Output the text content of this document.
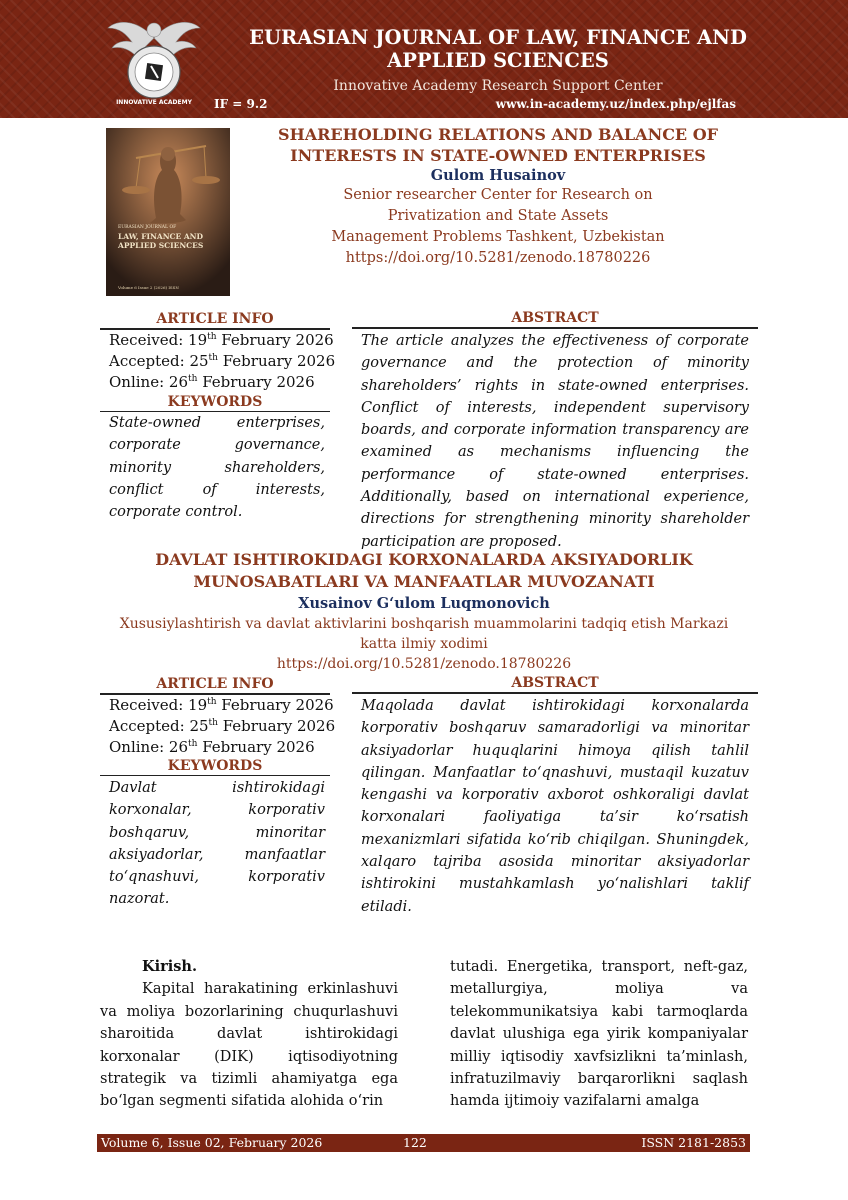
INNOVATIVE ACADEMY
EURASIAN JOURNAL OF LAW, FINANCE AND APPLIED SCIENCES
Innovative Academy Research Support Center
IF = 9.2	www.in-academy.uz/index.php/ejlfas
EURASIAN JOURNAL OF
LAW, FINANCE AND APPLIED SCIENCES
Volume 6 Issue 2 (2026) ISSN
SHAREHOLDING RELATIONS AND BALANCE OF INTERESTS IN STATE-OWNED ENTERPRISES
Gulom Husainov
Senior researcher Center for Research on
Privatization and State Assets
Management Problems Tashkent, Uzbekistan
https://doi.org/10.5281/zenodo.18780226
ARTICLE INFO	ABSTRACT
Received: 19th February 2026
Accepted: 25th February 2026
Online: 26th February 2026
KEYWORDS
State-owned enterprises, corporate governance, minority shareholders, conflict of interests, corporate control.
The article analyzes the effectiveness of corporate governance and the protection of minority shareholders’ rights in state-owned enterprises. Conflict of interests, independent supervisory boards, and corporate information transparency are examined as mechanisms influencing the performance of state-owned enterprises. Additionally, based on international experience, directions for strengthening minority shareholder participation are proposed.
DAVLAT ISHTIROKIDAGI KORXONALARDA AKSIYADORLIK
MUNOSABATLARI VA MANFAATLAR MUVOZANATI
Xusainov G‘ulom Luqmonovich
Xususiylashtirish va davlat aktivlarini boshqarish muammolarini tadqiq etish Markazi
katta ilmiy xodimi
https://doi.org/10.5281/zenodo.18780226
ARTICLE INFO	ABSTRACT
Received: 19th February 2026
Accepted: 25th February 2026
Online: 26th February 2026
KEYWORDS
Davlat ishtirokidagi korxonalar, korporativ boshqaruv, minoritar aksiyadorlar, manfaatlar to‘qnashuvi, korporativ nazorat.
Maqolada davlat ishtirokidagi korxonalarda korporativ boshqaruv samaradorligi va minoritar aksiyadorlar huquqlarini himoya qilish tahlil qilingan. Manfaatlar to‘qnashuvi, mustaqil kuzatuv kengashi va korporativ axborot oshkoraligi davlat korxonalari faoliyatiga ta’sir ko‘rsatish mexanizmlari sifatida ko‘rib chiqilgan. Shuningdek, xalqaro tajriba asosida minoritar aksiyadorlar ishtirokini mustahkamlash yo‘nalishlari taklif etiladi.
Kirish.
Kapital harakatining erkinlashuvi va moliya bozorlarining chuqurlashuvi sharoitida davlat ishtirokidagi korxonalar (DIK) iqtisodiyotning strategik va tizimli ahamiyatga ega bo‘lgan segmenti sifatida alohida o‘rin
tutadi. Energetika, transport, neft-gaz, metallurgiya, moliya va telekommunikatsiya kabi tarmoqlarda davlat ulushiga ega yirik kompaniyalar milliy iqtisodiy xavfsizlikni ta’minlash, infratuzilmaviy barqarorlikni saqlash hamda ijtimoiy vazifalarni amalga
Volume 6, Issue 02, February 2026	122	ISSN 2181-2853
